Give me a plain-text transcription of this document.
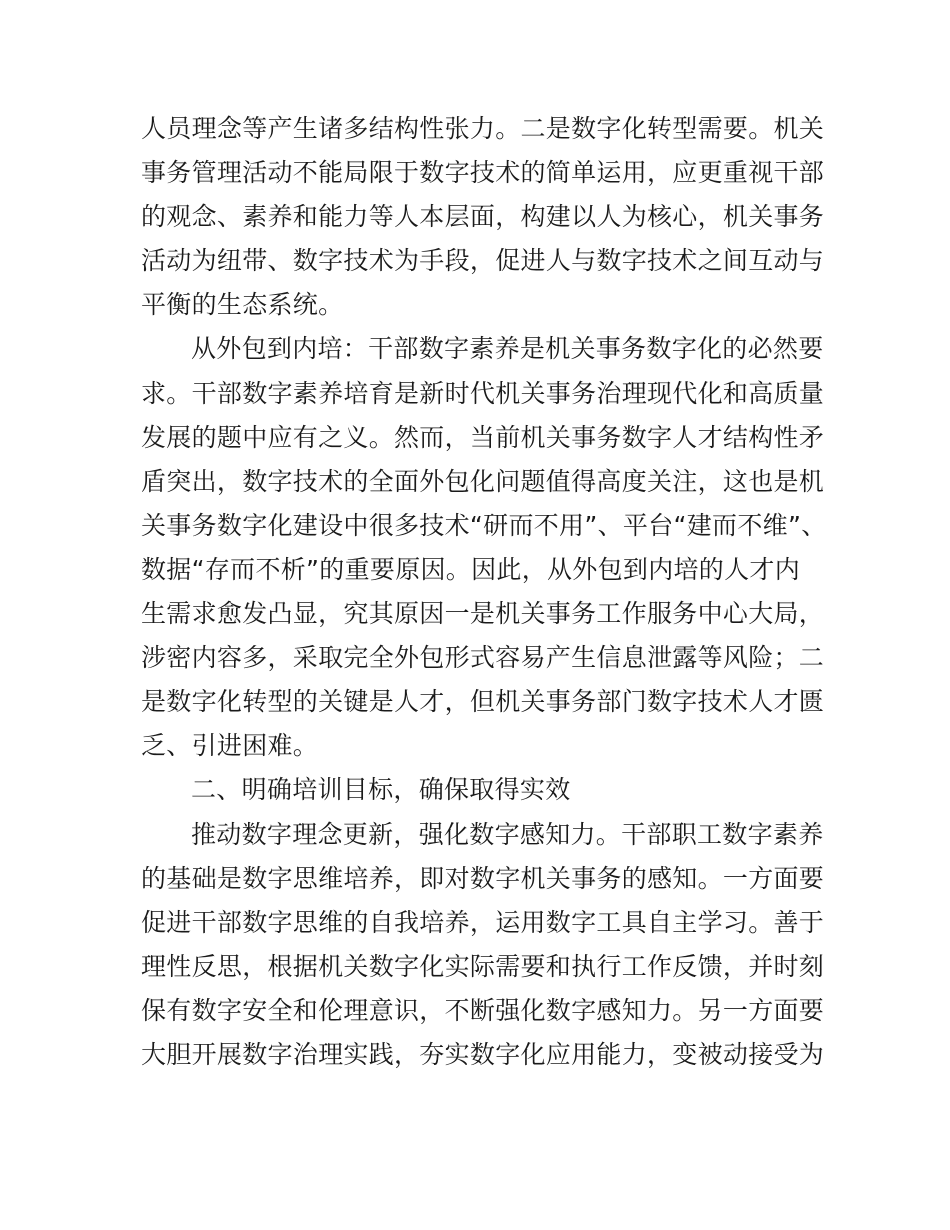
人员理念等产生诸多结构性张力。二是数字化转型需要。机关
事务管理活动不能局限于数字技术的简单运用，应更重视干部
的观念、素养和能力等人本层面，构建以人为核心，机关事务
活动为纽带、数字技术为手段，促进人与数字技术之间互动与
平衡的生态系统。
从外包到内培：干部数字素养是机关事务数字化的必然要
求。干部数字素养培育是新时代机关事务治理现代化和高质量
发展的题中应有之义。然而，当前机关事务数字人才结构性矛
盾突出，数字技术的全面外包化问题值得高度关注，这也是机
关事务数字化建设中很多技术“研而不用”、平台“建而不维”、
数据“存而不析”的重要原因。因此，从外包到内培的人才内
生需求愈发凸显，究其原因一是机关事务工作服务中心大局，
涉密内容多，采取完全外包形式容易产生信息泄露等风险；二
是数字化转型的关键是人才，但机关事务部门数字技术人才匮
乏、引进困难。
二、明确培训目标，确保取得实效
推动数字理念更新，强化数字感知力。干部职工数字素养
的基础是数字思维培养，即对数字机关事务的感知。一方面要
促进干部数字思维的自我培养，运用数字工具自主学习。善于
理性反思，根据机关数字化实际需要和执行工作反馈，并时刻
保有数字安全和伦理意识，不断强化数字感知力。另一方面要
大胆开展数字治理实践，夯实数字化应用能力，变被动接受为
